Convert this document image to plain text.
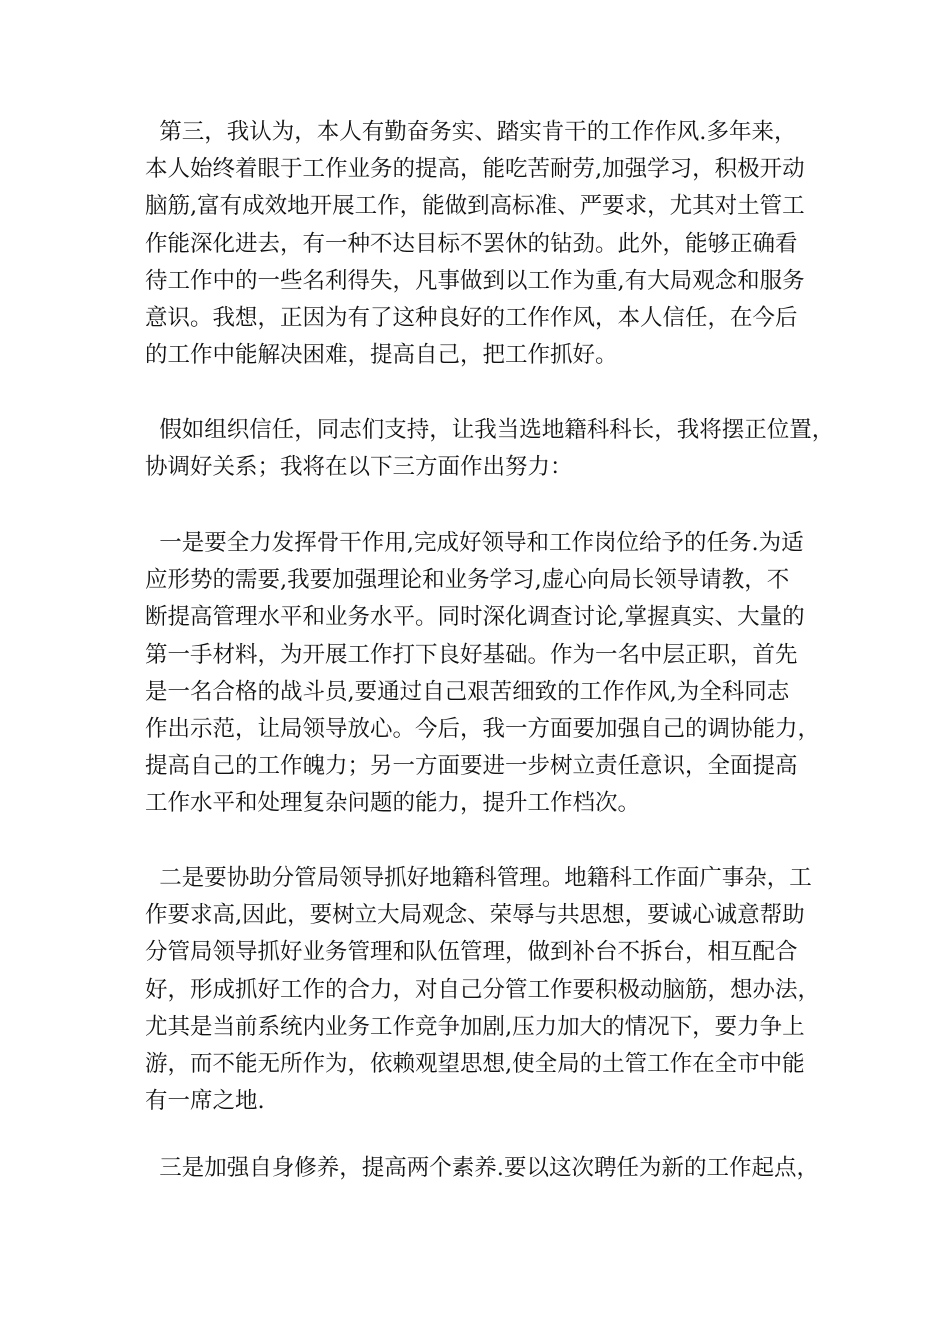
第三，我认为，本人有勤奋务实、踏实肯干的工作作风.多年来，
本人始终着眼于工作业务的提高，能吃苦耐劳,加强学习，积极开动
脑筋,富有成效地开展工作，能做到高标准、严要求，尤其对土管工
作能深化进去，有一种不达目标不罢休的钻劲。此外，能够正确看
待工作中的一些名利得失，凡事做到以工作为重,有大局观念和服务
意识。我想，正因为有了这种良好的工作作风，本人信任，在今后
的工作中能解决困难，提高自己，把工作抓好。
假如组织信任，同志们支持，让我当选地籍科科长，我将摆正位置，
协调好关系；我将在以下三方面作出努力：
一是要全力发挥骨干作用,完成好领导和工作岗位给予的任务.为适
应形势的需要,我要加强理论和业务学习,虚心向局长领导请教，不
断提高管理水平和业务水平。同时深化调查讨论,掌握真实、大量的
第一手材料，为开展工作打下良好基础。作为一名中层正职，首先
是一名合格的战斗员,要通过自己艰苦细致的工作作风,为全科同志
作出示范，让局领导放心。今后，我一方面要加强自己的调协能力，
提高自己的工作魄力；另一方面要进一步树立责任意识，全面提高
工作水平和处理复杂问题的能力，提升工作档次。
二是要协助分管局领导抓好地籍科管理。地籍科工作面广事杂，工
作要求高,因此，要树立大局观念、荣辱与共思想，要诚心诚意帮助
分管局领导抓好业务管理和队伍管理，做到补台不拆台，相互配合
好，形成抓好工作的合力，对自己分管工作要积极动脑筋，想办法，
尤其是当前系统内业务工作竞争加剧,压力加大的情况下，要力争上
游，而不能无所作为，依赖观望思想,使全局的土管工作在全市中能
有一席之地.
三是加强自身修养，提高两个素养.要以这次聘任为新的工作起点，
